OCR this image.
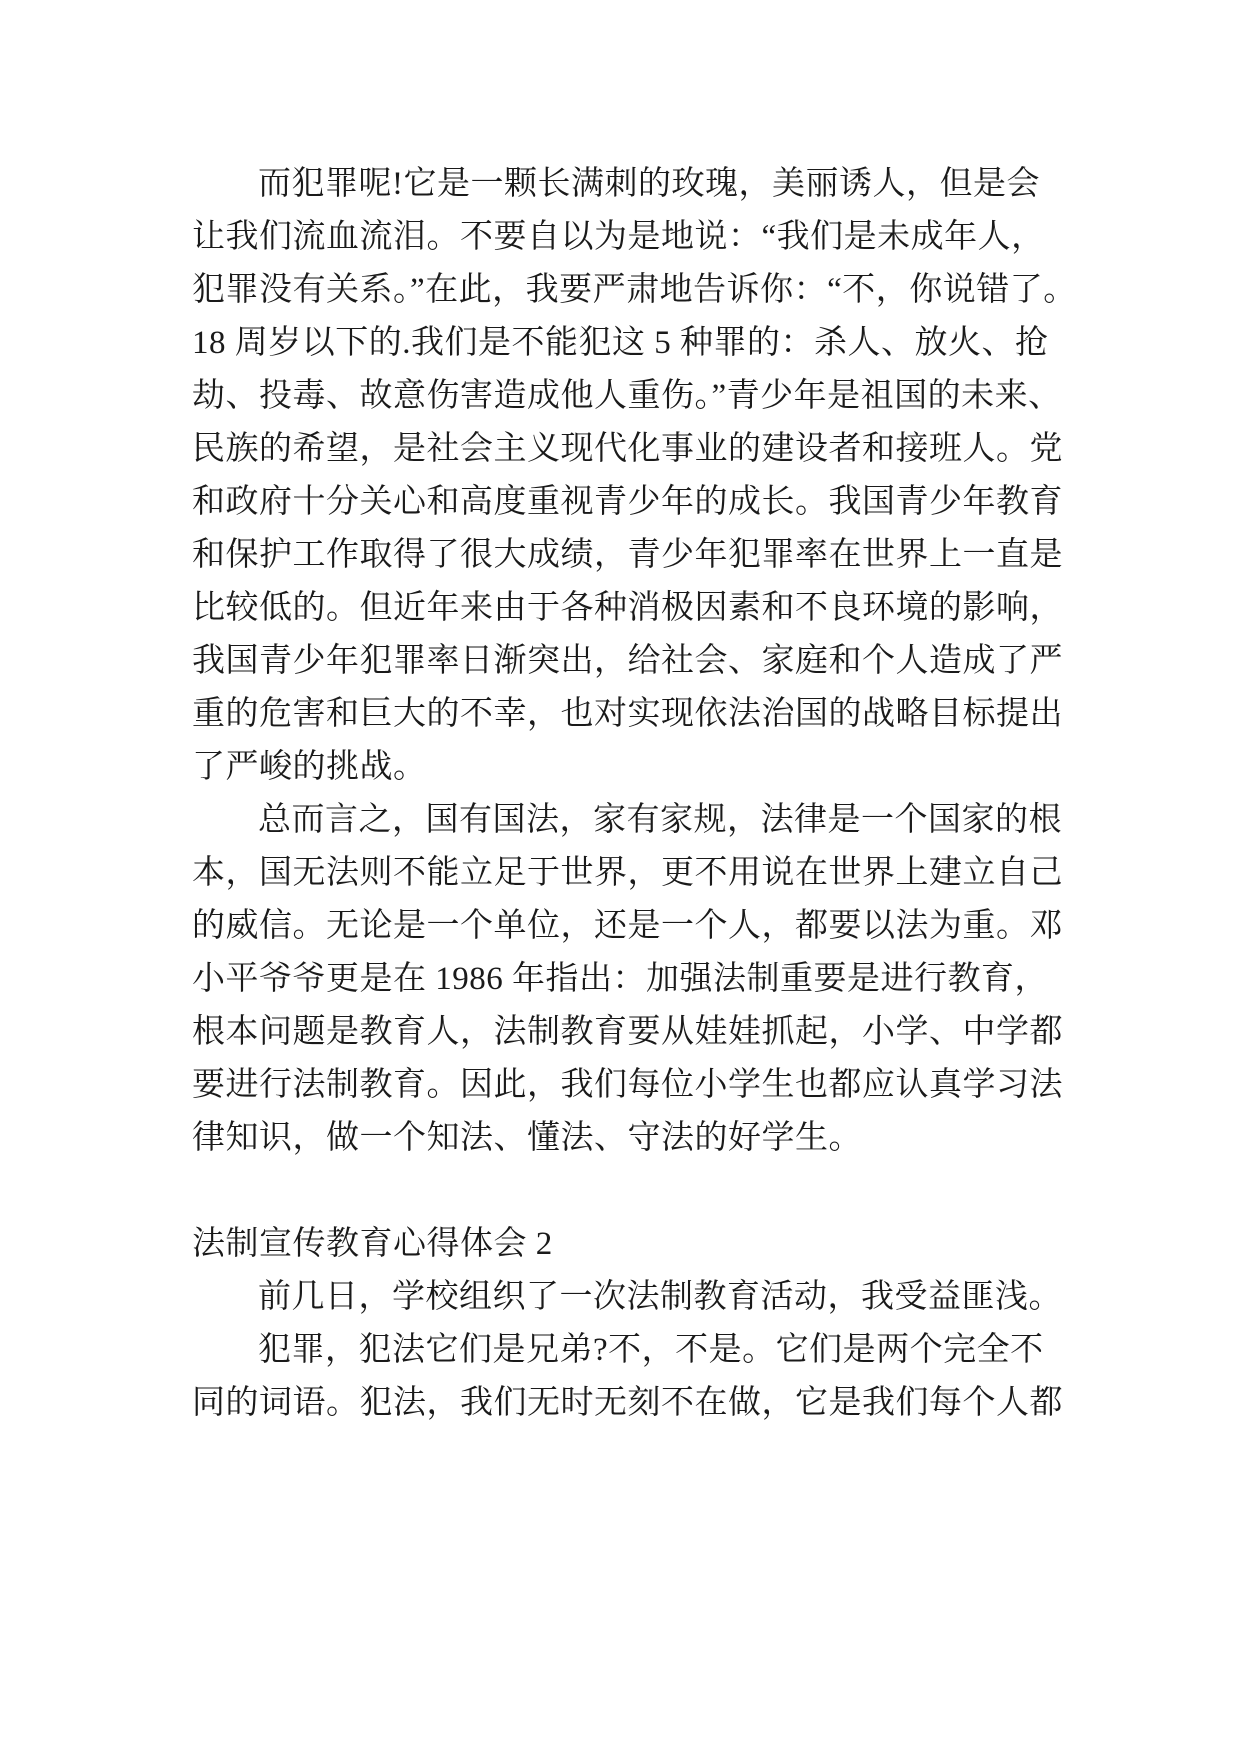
而犯罪呢!它是一颗长满刺的玫瑰，美丽诱人，但是会
让我们流血流泪。不要自以为是地说：“我们是未成年人，
犯罪没有关系。”在此，我要严肃地告诉你：“不，你说错了。
18 周岁以下的.我们是不能犯这 5 种罪的：杀人、放火、抢
劫、投毒、故意伤害造成他人重伤。”青少年是祖国的未来、
民族的希望，是社会主义现代化事业的建设者和接班人。党
和政府十分关心和高度重视青少年的成长。我国青少年教育
和保护工作取得了很大成绩，青少年犯罪率在世界上一直是
比较低的。但近年来由于各种消极因素和不良环境的影响，
我国青少年犯罪率日渐突出，给社会、家庭和个人造成了严
重的危害和巨大的不幸，也对实现依法治国的战略目标提出
了严峻的挑战。
总而言之，国有国法，家有家规，法律是一个国家的根
本，国无法则不能立足于世界，更不用说在世界上建立自己
的威信。无论是一个单位，还是一个人，都要以法为重。邓
小平爷爷更是在 1986 年指出：加强法制重要是进行教育，
根本问题是教育人，法制教育要从娃娃抓起，小学、中学都
要进行法制教育。因此，我们每位小学生也都应认真学习法
律知识，做一个知法、懂法、守法的好学生。
法制宣传教育心得体会 2
前几日，学校组织了一次法制教育活动，我受益匪浅。
犯罪，犯法它们是兄弟?不，不是。它们是两个完全不
同的词语。犯法，我们无时无刻不在做，它是我们每个人都
